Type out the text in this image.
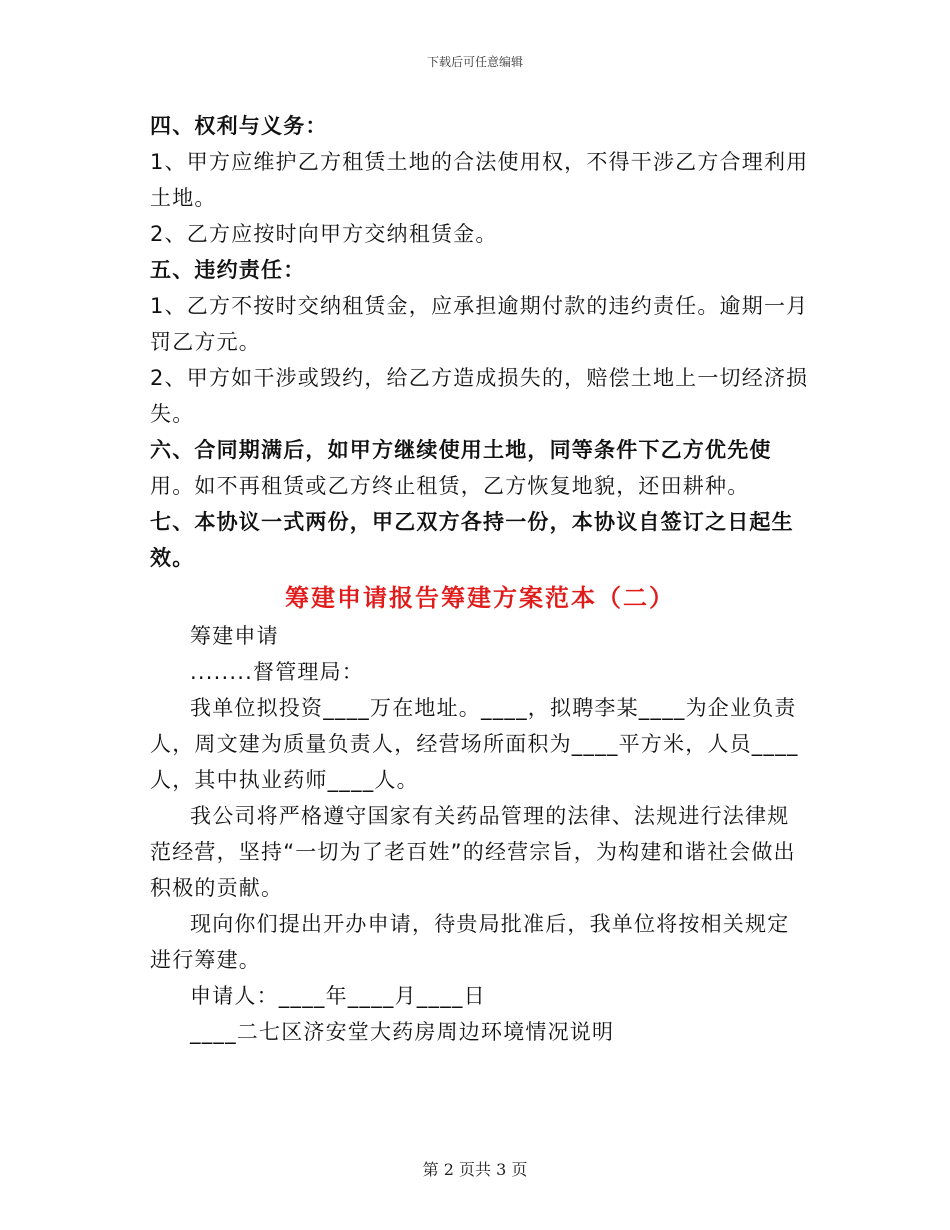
下载后可任意编辑

四、权利与义务：

1、甲方应维护乙方租赁土地的合法使用权，不得干涉乙方合理利用土地。

2、乙方应按时向甲方交纳租赁金。

五、违约责任：

1、乙方不按时交纳租赁金，应承担逾期付款的违约责任。逾期一月罚乙方元。

2、甲方如干涉或毁约，给乙方造成损失的，赔偿土地上一切经济损失。

六、合同期满后，如甲方继续使用土地，同等条件下乙方优先使用。如不再租赁或乙方终止租赁，乙方恢复地貌，还田耕种。

七、本协议一式两份，甲乙双方各持一份，本协议自签订之日起生效。

筹建申请报告筹建方案范本（二）

筹建申请

........督管理局：

我单位拟投资____万在地址。____，拟聘李某____为企业负责人，周文建为质量负责人，经营场所面积为____平方米，人员____人，其中执业药师____人。

我公司将严格遵守国家有关药品管理的法律、法规进行法律规范经营，坚持“一切为了老百姓”的经营宗旨，为构建和谐社会做出积极的贡献。

现向你们提出开办申请，待贵局批准后，我单位将按相关规定进行筹建。

申请人：____年____月____日

____二七区济安堂大药房周边环境情况说明

第 2 页共 3 页
